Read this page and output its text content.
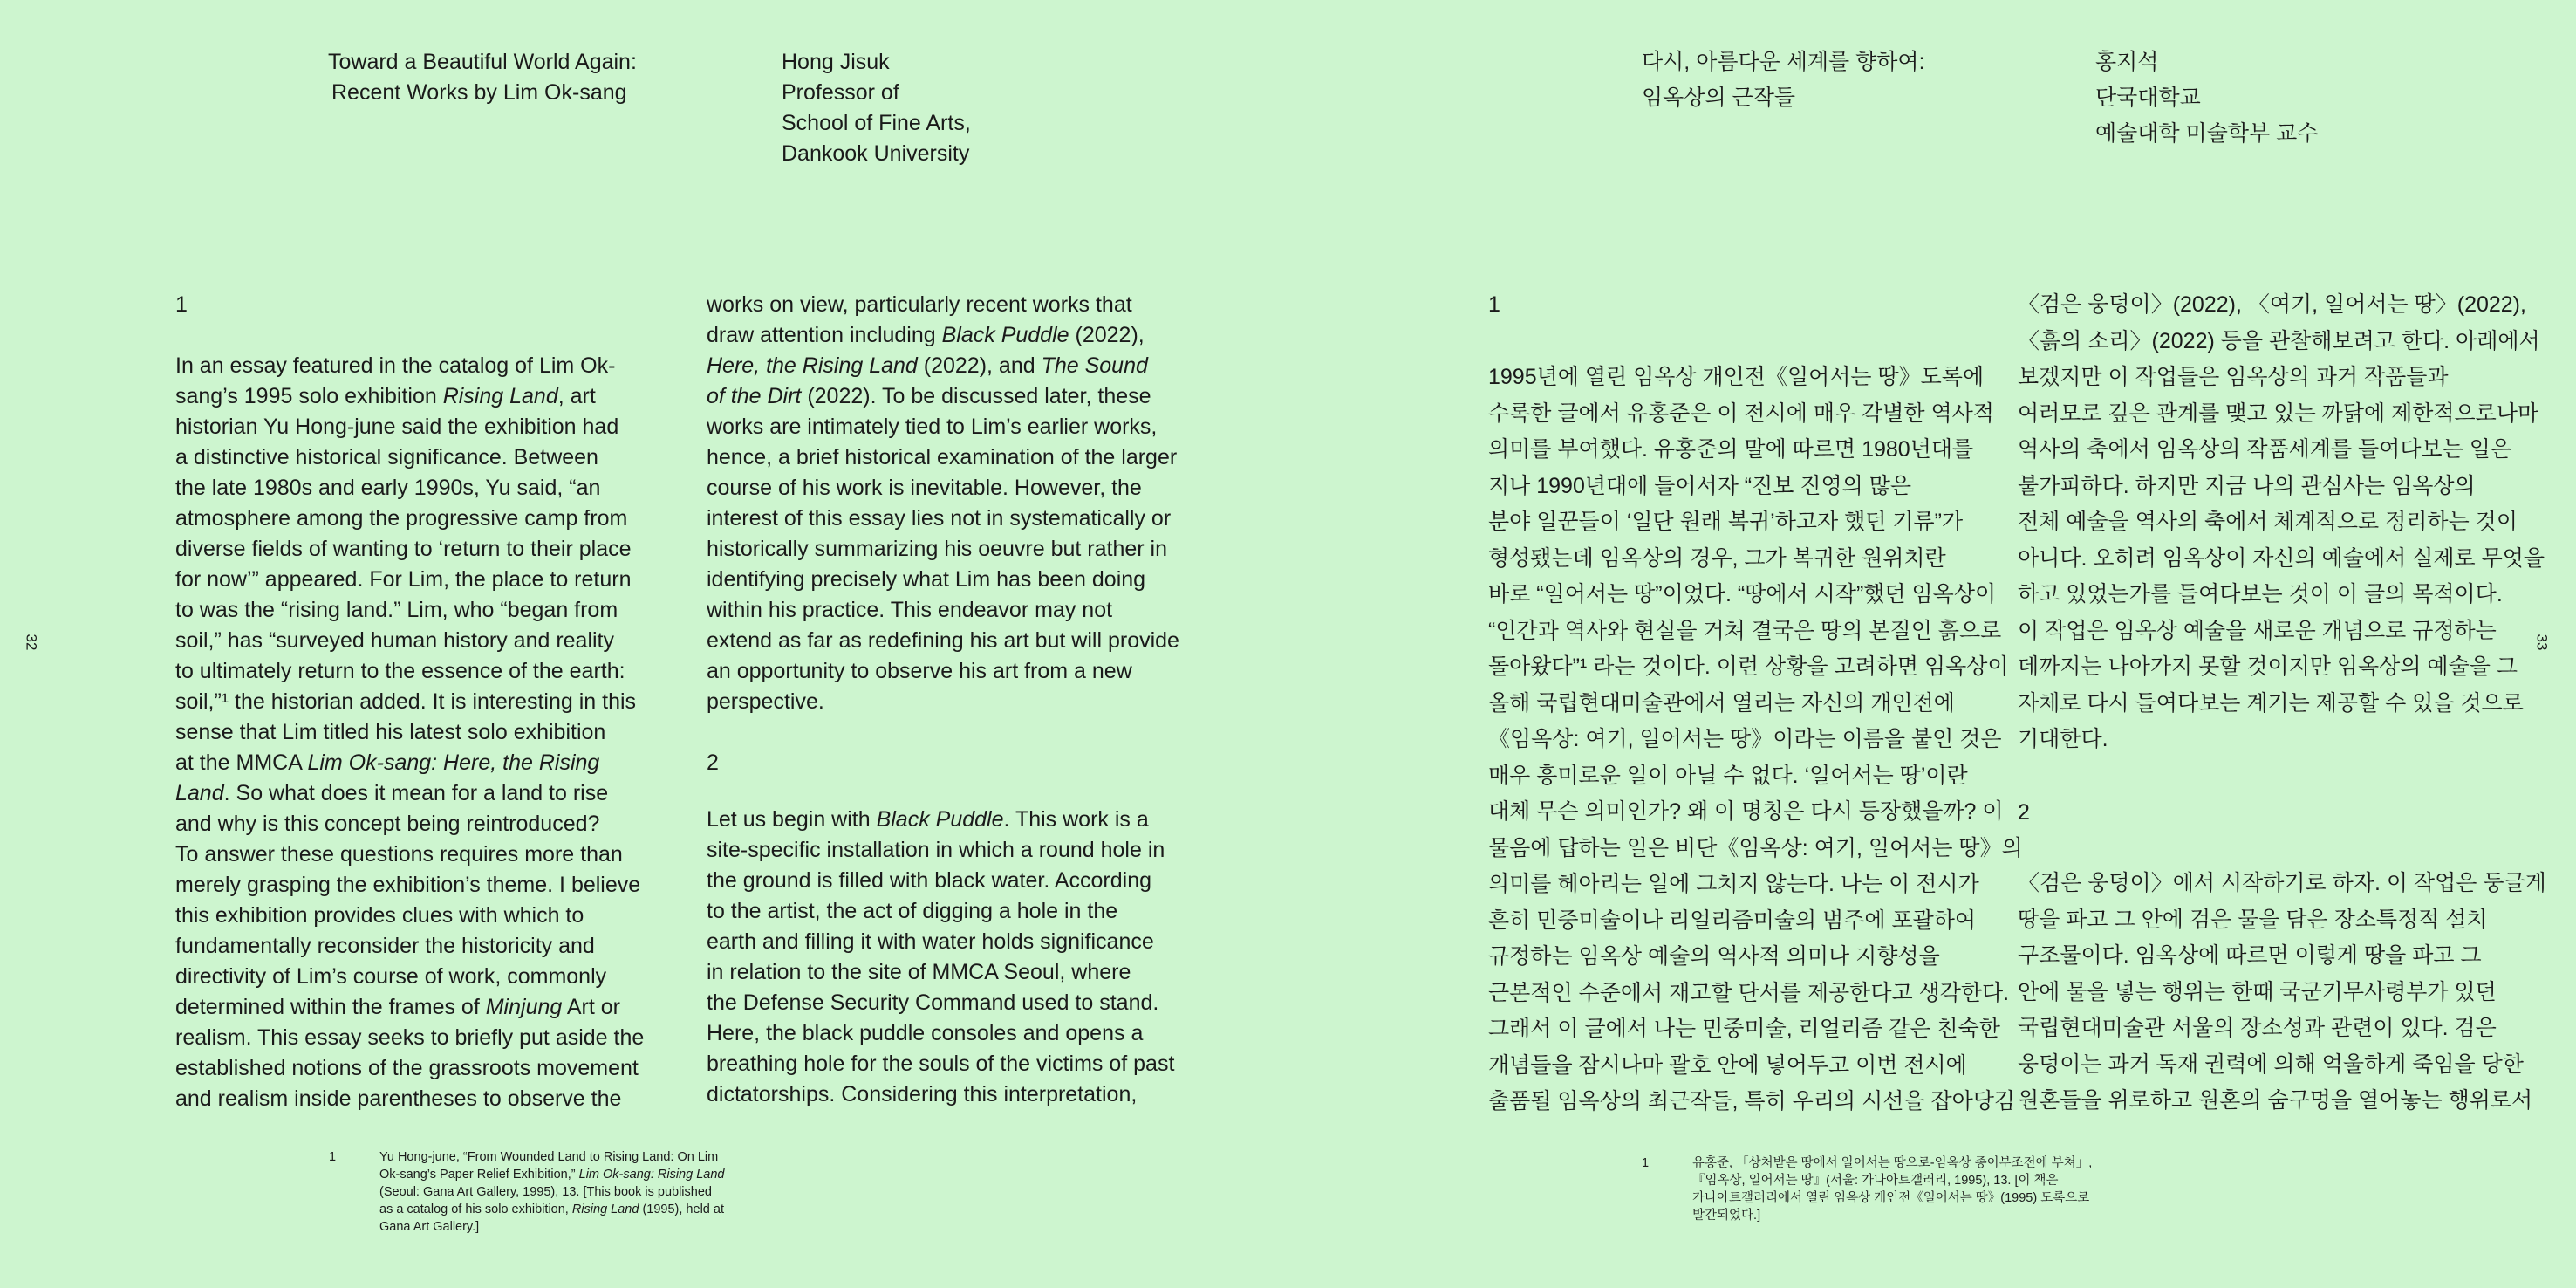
Toward a Beautiful World Again:
Recent Works by Lim Ok-sang
Hong Jisuk
Professor of
School of Fine Arts,
Dankook University
32
1
In an essay featured in the catalog of Lim Ok-
sang’s 1995 solo exhibition Rising Land, art
historian Yu Hong-june said the exhibition had
a distinctive historical significance. Between
the late 1980s and early 1990s, Yu said, “an
atmosphere among the progressive camp from
diverse fields of wanting to ‘return to their place
for now’” appeared. For Lim, the place to return
to was the “rising land.” Lim, who “began from
soil,” has “surveyed human history and reality
to ultimately return to the essence of the earth:
soil,”¹ the historian added. It is interesting in this
sense that Lim titled his latest solo exhibition
at the MMCA Lim Ok-sang: Here, the Rising
Land. So what does it mean for a land to rise
and why is this concept being reintroduced?
To answer these questions requires more than
merely grasping the exhibition’s theme. I believe
this exhibition provides clues with which to
fundamentally reconsider the historicity and
directivity of Lim’s course of work, commonly
determined within the frames of Minjung Art or
realism. This essay seeks to briefly put aside the
established notions of the grassroots movement
and realism inside parentheses to observe the
works on view, particularly recent works that
draw attention including Black Puddle (2022),
Here, the Rising Land (2022), and The Sound
of the Dirt (2022). To be discussed later, these
works are intimately tied to Lim’s earlier works,
hence, a brief historical examination of the larger
course of his work is inevitable. However, the
interest of this essay lies not in systematically or
historically summarizing his oeuvre but rather in
identifying precisely what Lim has been doing
within his practice. This endeavor may not
extend as far as redefining his art but will provide
an opportunity to observe his art from a new
perspective.
2
Let us begin with Black Puddle. This work is a
site-specific installation in which a round hole in
the ground is filled with black water. According
to the artist, the act of digging a hole in the
earth and filling it with water holds significance
in relation to the site of MMCA Seoul, where
the Defense Security Command used to stand.
Here, the black puddle consoles and opens a
breathing hole for the souls of the victims of past
dictatorships. Considering this interpretation,
1	Yu Hong-june, “From Wounded Land to Rising Land: On Lim
Ok-sang’s Paper Relief Exhibition,” Lim Ok-sang: Rising Land
(Seoul: Gana Art Gallery, 1995), 13. [This book is published
as a catalog of his solo exhibition, Rising Land (1995), held at
Gana Art Gallery.]
다시, 아름다운 세계를 향하여:
임옥상의 근작들
홍지석
단국대학교
예술대학 미술학부 교수
33
1
1995년에 열린 임옥상 개인전《일어서는 땅》도록에
수록한 글에서 유홍준은 이 전시에 매우 각별한 역사적
의미를 부여했다. 유홍준의 말에 따르면 1980년대를
지나 1990년대에 들어서자 “진보 진영의 많은
분야 일꾼들이 ‘일단 원래 복귀’하고자 했던 기류”가
형성됐는데 임옥상의 경우, 그가 복귀한 원위치란
바로 “일어서는 땅”이었다. “땅에서 시작”했던 임옥상이
“인간과 역사와 현실을 거쳐 결국은 땅의 본질인 흙으로
돌아왔다”¹ 라는 것이다. 이런 상황을 고려하면 임옥상이
올해 국립현대미술관에서 열리는 자신의 개인전에
《임옥상: 여기, 일어서는 땅》이라는 이름을 붙인 것은
매우 흥미로운 일이 아닐 수 없다. ‘일어서는 땅’이란
대체 무슨 의미인가? 왜 이 명칭은 다시 등장했을까? 이
물음에 답하는 일은 비단《임옥상: 여기, 일어서는 땅》의
의미를 헤아리는 일에 그치지 않는다. 나는 이 전시가
흔히 민중미술이나 리얼리즘미술의 범주에 포괄하여
규정하는 임옥상 예술의 역사적 의미나 지향성을
근본적인 수준에서 재고할 단서를 제공한다고 생각한다.
그래서 이 글에서 나는 민중미술, 리얼리즘 같은 친숙한
개념들을 잠시나마 괄호 안에 넣어두고 이번 전시에
출품될 임옥상의 최근작들, 특히 우리의 시선을 잡아당김
〈검은 웅덩이〉(2022), 〈여기, 일어서는 땅〉(2022),
〈흙의 소리〉(2022) 등을 관찰해보려고 한다. 아래에서
보겠지만 이 작업들은 임옥상의 과거 작품들과
여러모로 깊은 관계를 맺고 있는 까닭에 제한적으로나마
역사의 축에서 임옥상의 작품세계를 들여다보는 일은
불가피하다. 하지만 지금 나의 관심사는 임옥상의
전체 예술을 역사의 축에서 체계적으로 정리하는 것이
아니다. 오히려 임옥상이 자신의 예술에서 실제로 무엇을
하고 있었는가를 들여다보는 것이 이 글의 목적이다.
이 작업은 임옥상 예술을 새로운 개념으로 규정하는
데까지는 나아가지 못할 것이지만 임옥상의 예술을 그
자체로 다시 들여다보는 계기는 제공할 수 있을 것으로
기대한다.
2
〈검은 웅덩이〉에서 시작하기로 하자. 이 작업은 둥글게
땅을 파고 그 안에 검은 물을 담은 장소특정적 설치
구조물이다. 임옥상에 따르면 이렇게 땅을 파고 그
안에 물을 넣는 행위는 한때 국군기무사령부가 있던
국립현대미술관 서울의 장소성과 관련이 있다. 검은
웅덩이는 과거 독재 권력에 의해 억울하게 죽임을 당한
원혼들을 위로하고 원혼의 숨구멍을 열어놓는 행위로서
1	유홍준, 「상처받은 땅에서 일어서는 땅으로-임옥상 종이부조전에 부쳐」,
『임옥상, 일어서는 땅』(서울: 가나아트갤러리, 1995), 13. [이 책은
가나아트갤러리에서 열린 임옥상 개인전《일어서는 땅》(1995) 도록으로
발간되었다.]
